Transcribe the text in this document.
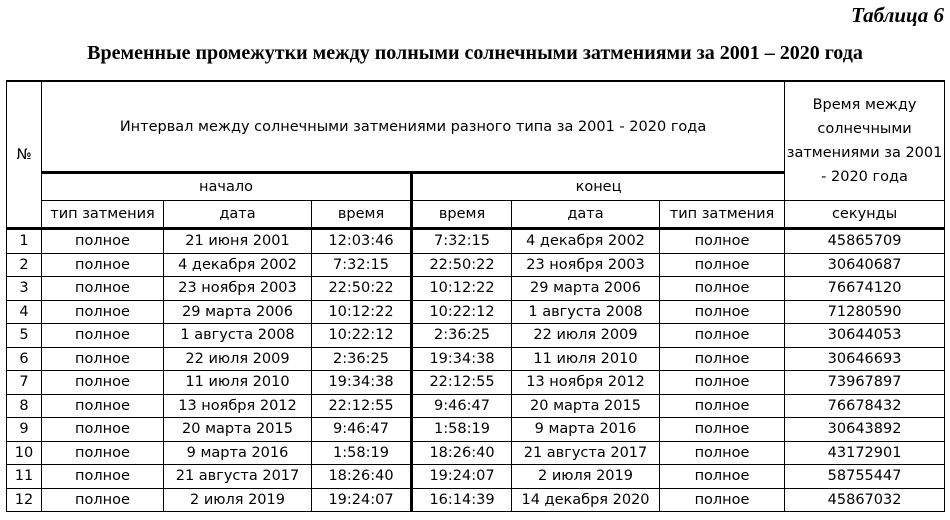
Таблица 6
Временные промежутки между полными солнечными затмениями за 2001 – 2020 года
№	Интервал между солнечными затмениями разного типа за 2001 - 2020 года						Время между солнечными затмениями за 2001 - 2020 года
	начало			конец			
	тип затмения	дата	время	время	дата	тип затмения	секунды
1	полное	21 июня 2001	12:03:46	7:32:15	4 декабря 2002	полное	45865709
2	полное	4 декабря 2002	7:32:15	22:50:22	23 ноября 2003	полное	30640687
3	полное	23 ноября 2003	22:50:22	10:12:22	29 марта 2006	полное	76674120
4	полное	29 марта 2006	10:12:22	10:22:12	1 августа 2008	полное	71280590
5	полное	1 августа 2008	10:22:12	2:36:25	22 июля 2009	полное	30644053
6	полное	22 июля 2009	2:36:25	19:34:38	11 июля 2010	полное	30646693
7	полное	11 июля 2010	19:34:38	22:12:55	13 ноября 2012	полное	73967897
8	полное	13 ноября 2012	22:12:55	9:46:47	20 марта 2015	полное	76678432
9	полное	20 марта 2015	9:46:47	1:58:19	9 марта 2016	полное	30643892
10	полное	9 марта 2016	1:58:19	18:26:40	21 августа 2017	полное	43172901
11	полное	21 августа 2017	18:26:40	19:24:07	2 июля 2019	полное	58755447
12	полное	2 июля 2019	19:24:07	16:14:39	14 декабря 2020	полное	45867032
